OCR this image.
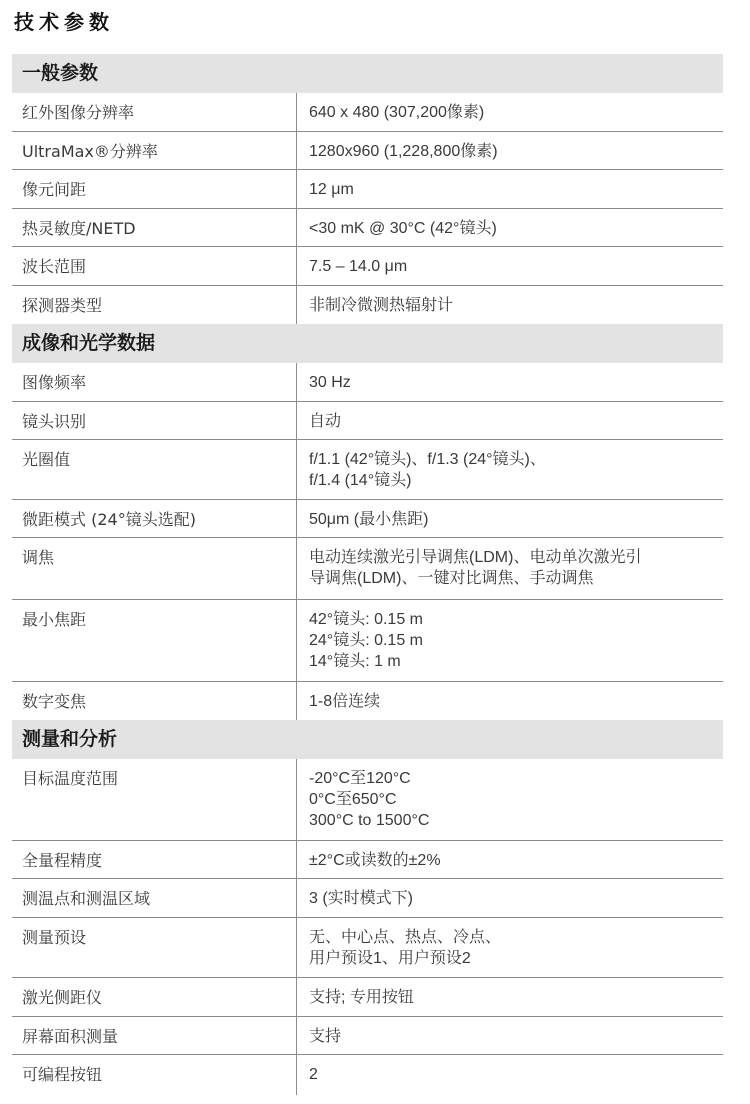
技术参数
一般参数
红外图像分辨率	640 x 480 (307,200像素)
UltraMax®分辨率	1280x960 (1,228,800像素)
像元间距	12 μm
热灵敏度/NETD	<30 mK @ 30°C (42°镜头)
波长范围	7.5 – 14.0 μm
探测器类型	非制冷微测热辐射计
成像和光学数据
图像频率	30 Hz
镜头识别	自动
光圈值	f/1.1 (42°镜头)、f/1.3 (24°镜头)、
f/1.4 (14°镜头)
微距模式 (24°镜头选配)	50μm (最小焦距)
调焦	电动连续激光引导调焦(LDM)、电动单次激光引
导调焦(LDM)、一键对比调焦、手动调焦
最小焦距	42°镜头: 0.15 m
24°镜头: 0.15 m
14°镜头: 1 m
数字变焦	1-8倍连续
测量和分析
目标温度范围	-20°C至120°C
0°C至650°C
300°C to 1500°C
全量程精度	±2°C或读数的±2%
测温点和测温区域	3 (实时模式下)
测量预设	无、中心点、热点、冷点、
用户预设1、用户预设2
激光侧距仪	支持; 专用按钮
屏幕面积测量	支持
可编程按钮	2
